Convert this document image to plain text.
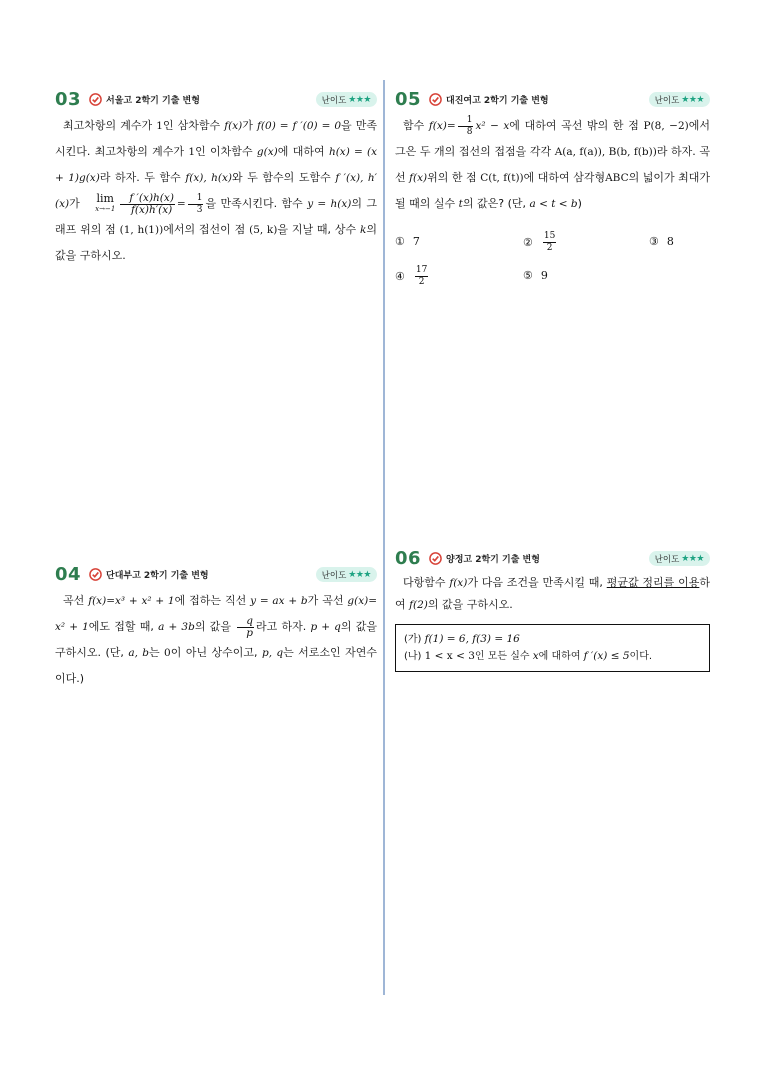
03	서울고 2학기 기출 변형	난이도 ★★★

최고차항의 계수가 1인 삼차함수 f(x)가 f(0) = f ′(0) = 0을 만족시킨다. 최고차항의 계수가 1인 이차함수 g(x)에 대하여 h(x) = (x + 1)g(x)라 하자. 두 함수 f(x), h(x)와 두 함수의 도함수 f ′(x), h′(x)가	lim
$x\to-1 \frac{f '(x)h(x)}{f(x)h'(x)} = \frac{1}{3}$ 을 만족시킨다. 함수 y = h(x)의 그래프 위의 점 (1, h(1))에서의 접선이 점 (5, k)을 지날 때, 상수 k의 값을 구하시오.

04	단대부고 2학기 기출 변형	난이도 ★★★

곡선 f(x)=x³ + x² + 1에 접하는 직선 y = ax + b가 곡선 g(x)= x² + 1에도 접할 때, a + 3b의 값을 $\frac{q}{p}$ 라고 하자. p + q의 값을 구하시오. (단, a, b는 0이 아닌 상수이고, p, q는 서로소인 자연수이다.)

05	대진여고 2학기 기출 변형	난이도 ★★★

함수 $f(x)= \frac{1}{8} x^2 - x$에 대하여 곡선 밖의 한 점 P(8, −2)에서 그은 두 개의 접선의 접점을 각각 A(a, f(a)), B(b, f(b))라 하자. 곡선 f(x)위의 한 점 C(t, f(t))에 대하여 삼각형ABC의 넓이가 최대가 될 때의 실수 t의 값은? (단, a < t < b)

① 7	② $\frac{15}{2}$	③ 8
④ $\frac{17}{2}$	⑤ 9
06	양정고 2학기 기출 변형	난이도 ★★★

다항함수 f(x)가 다음 조건을 만족시킬 때, 평균값 정리를 이용하여 f(2)의 값을 구하시오.

(가) f(1) = 6, f(3) = 16
(나) 1 < x < 3인 모든 실수 x에 대하여 f ′(x) ≤ 5이다.
